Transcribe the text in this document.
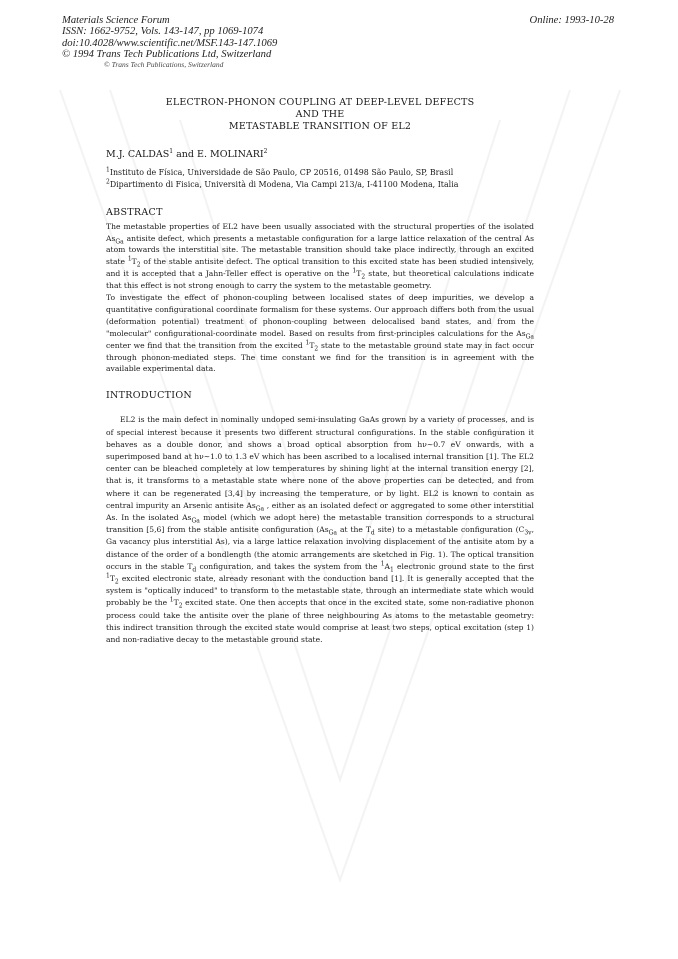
Materials Science Forum
ISSN: 1662-9752, Vols. 143-147, pp 1069-1074
doi:10.4028/www.scientific.net/MSF.143-147.1069
© 1994 Trans Tech Publications Ltd, Switzerland
Online: 1993-10-28
© Trans Tech Publications, Switzerland
ELECTRON-PHONON COUPLING AT DEEP-LEVEL DEFECTS
AND THE
METASTABLE TRANSITION OF EL2
M.J. CALDAS$^1$ and E. MOLINARI$^2$
$^1$Instituto de Física, Universidade de São Paulo, CP 20516, 01498 São Paulo, SP, Brasil
$^2$Dipartimento di Fisica, Università di Modena, Via Campi 213/a, I-41100 Modena, Italia
ABSTRACT

The metastable properties of EL2 have been usually associated with the structural properties of the isolated $As_{Ga}$ antisite defect, which presents a metastable configuration for a large lattice relaxation of the central As atom towards the interstitial site. The metastable transition should take place indirectly, through an excited state $^1T_2$ of the stable antisite defect. The optical transition to this excited state has been studied intensively, and it is accepted that a Jahn-Teller effect is operative on the $^1T_2$ state, but theoretical calculations indicate that this effect is not strong enough to carry the system to the metastable geometry.

To investigate the effect of phonon-coupling between localised states of deep impurities, we develop a quantitative configurational coordinate formalism for these systems. Our approach differs both from the usual (deformation potential) treatment of phonon-coupling between delocalised band states, and from the "molecular" configurational-coordinate model. Based on results from first-principles calculations for the $As_{Ga}$ center we find that the transition from the excited $^1T_2$ state to the metastable ground state may in fact occur through phonon-mediated steps. The time constant we find for the transition is in agreement with the available experimental data.

INTRODUCTION
EL2 is the main defect in nominally undoped semi-insulating GaAs grown by a variety of processes, and is of special interest because it presents two different structural configurations. In the stable configuration it behaves as a double donor, and shows a broad optical absorption from hν∼0.7 eV onwards, with a superimposed band at hν∼1.0 to 1.3 eV which has been ascribed to a localised internal transition [1]. The EL2 center can be bleached completely at low temperatures by shining light at the internal transition energy [2], that is, it transforms to a metastable state where none of the above properties can be detected, and from where it can be regenerated [3,4] by increasing the temperature, or by light. EL2 is known to contain as central impurity an Arsenic antisite $As_{Ga}$ , either as an isolated defect or aggregated to some other interstitial As. In the isolated $As_{Ga}$ model (which we adopt here) the metastable transition corresponds to a structural transition [5,6] from the stable antisite configuration ($As_{Ga}$ at the $T_d$ site) to a metastable configuration ($C_{3v}$, Ga vacancy plus interstitial As), via a large lattice relaxation involving displacement of the antisite atom by a distance of the order of a bondlength (the atomic arrangements are sketched in Fig. 1). The optical transition occurs in the stable $T_d$ configuration, and takes the system from the $^1A_1$ electronic ground state to the first $^1T_2$ excited electronic state, already resonant with the conduction band [1]. It is generally accepted that the system is "optically induced" to transform to the metastable state, through an intermediate state which would probably be the $^1T_2$ excited state. One then accepts that once in the excited state, some non-radiative phonon process could take the antisite over the plane of three neighbouring As atoms to the metastable geometry: this indirect transition through the excited state would comprise at least two steps, optical excitation (step 1) and non-radiative decay to the metastable ground state.
